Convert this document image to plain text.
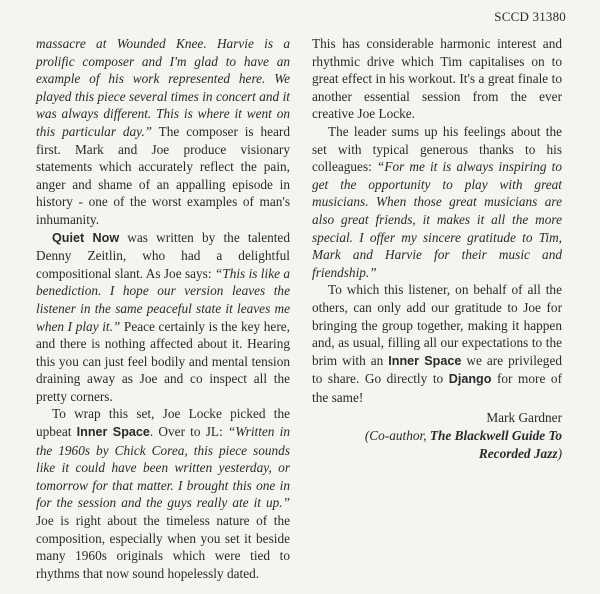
SCCD 31380

massacre at Wounded Knee. Harvie is a prolific composer and I'm glad to have an example of his work represented here. We played this piece several times in concert and it was always different. This is where it went on this particular day.” The composer is heard first. Mark and Joe produce visionary statements which accurately reflect the pain, anger and shame of an appalling episode in history - one of the worst examples of man's inhumanity.

Quiet Now was written by the talented Denny Zeitlin, who had a delightful compositional slant. As Joe says: “This is like a benediction. I hope our version leaves the listener in the same peaceful state it leaves me when I play it.” Peace certainly is the key here, and there is nothing affected about it. Hearing this you can just feel bodily and mental tension draining away as Joe and co inspect all the pretty corners.

To wrap this set, Joe Locke picked the upbeat Inner Space. Over to JL: “Written in the 1960s by Chick Corea, this piece sounds like it could have been written yesterday, or tomorrow for that matter. I brought this one in for the session and the guys really ate it up.” Joe is right about the timeless nature of the composition, especially when you set it beside many 1960s originals which were tied to rhythms that now sound hopelessly dated.

This has considerable harmonic interest and rhythmic drive which Tim capitalises on to great effect in his workout. It's a great finale to another essential session from the ever creative Joe Locke.

The leader sums up his feelings about the set with typical generous thanks to his colleagues: “For me it is always inspiring to get the opportunity to play with great musicians. When those great musicians are also great friends, it makes it all the more special. I offer my sincere gratitude to Tim, Mark and Harvie for their music and friendship.”

To which this listener, on behalf of all the others, can only add our gratitude to Joe for bringing the group together, making it happen and, as usual, filling all our expectations to the brim with an Inner Space we are privileged to share. Go directly to Django for more of the same!

Mark Gardner
(Co-author, The Blackwell Guide To Recorded Jazz)
